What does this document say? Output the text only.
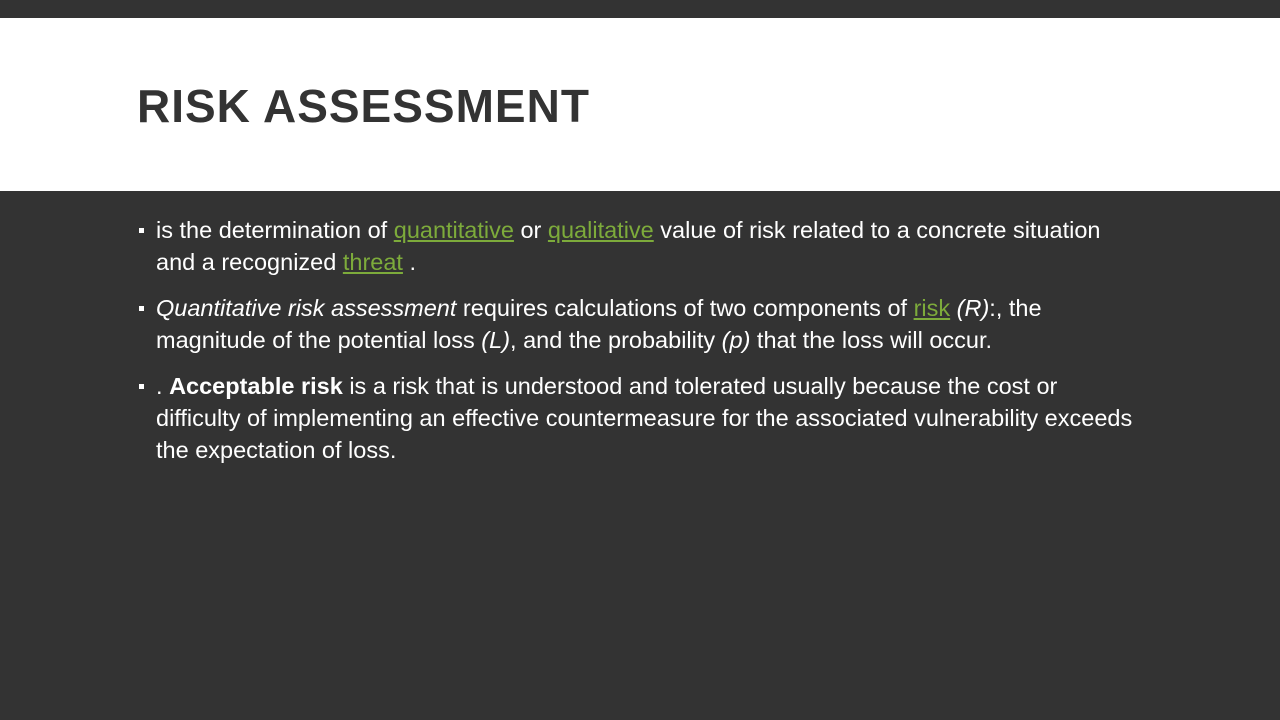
RISK ASSESSMENT
is the determination of quantitative or qualitative value of risk related to a concrete situation and a recognized threat .
Quantitative risk assessment requires calculations of two components of risk (R):, the magnitude of the potential loss (L), and the probability (p) that the loss will occur.
. Acceptable risk is a risk that is understood and tolerated usually because the cost or difficulty of implementing an effective countermeasure for the associated vulnerability exceeds the expectation of loss.
